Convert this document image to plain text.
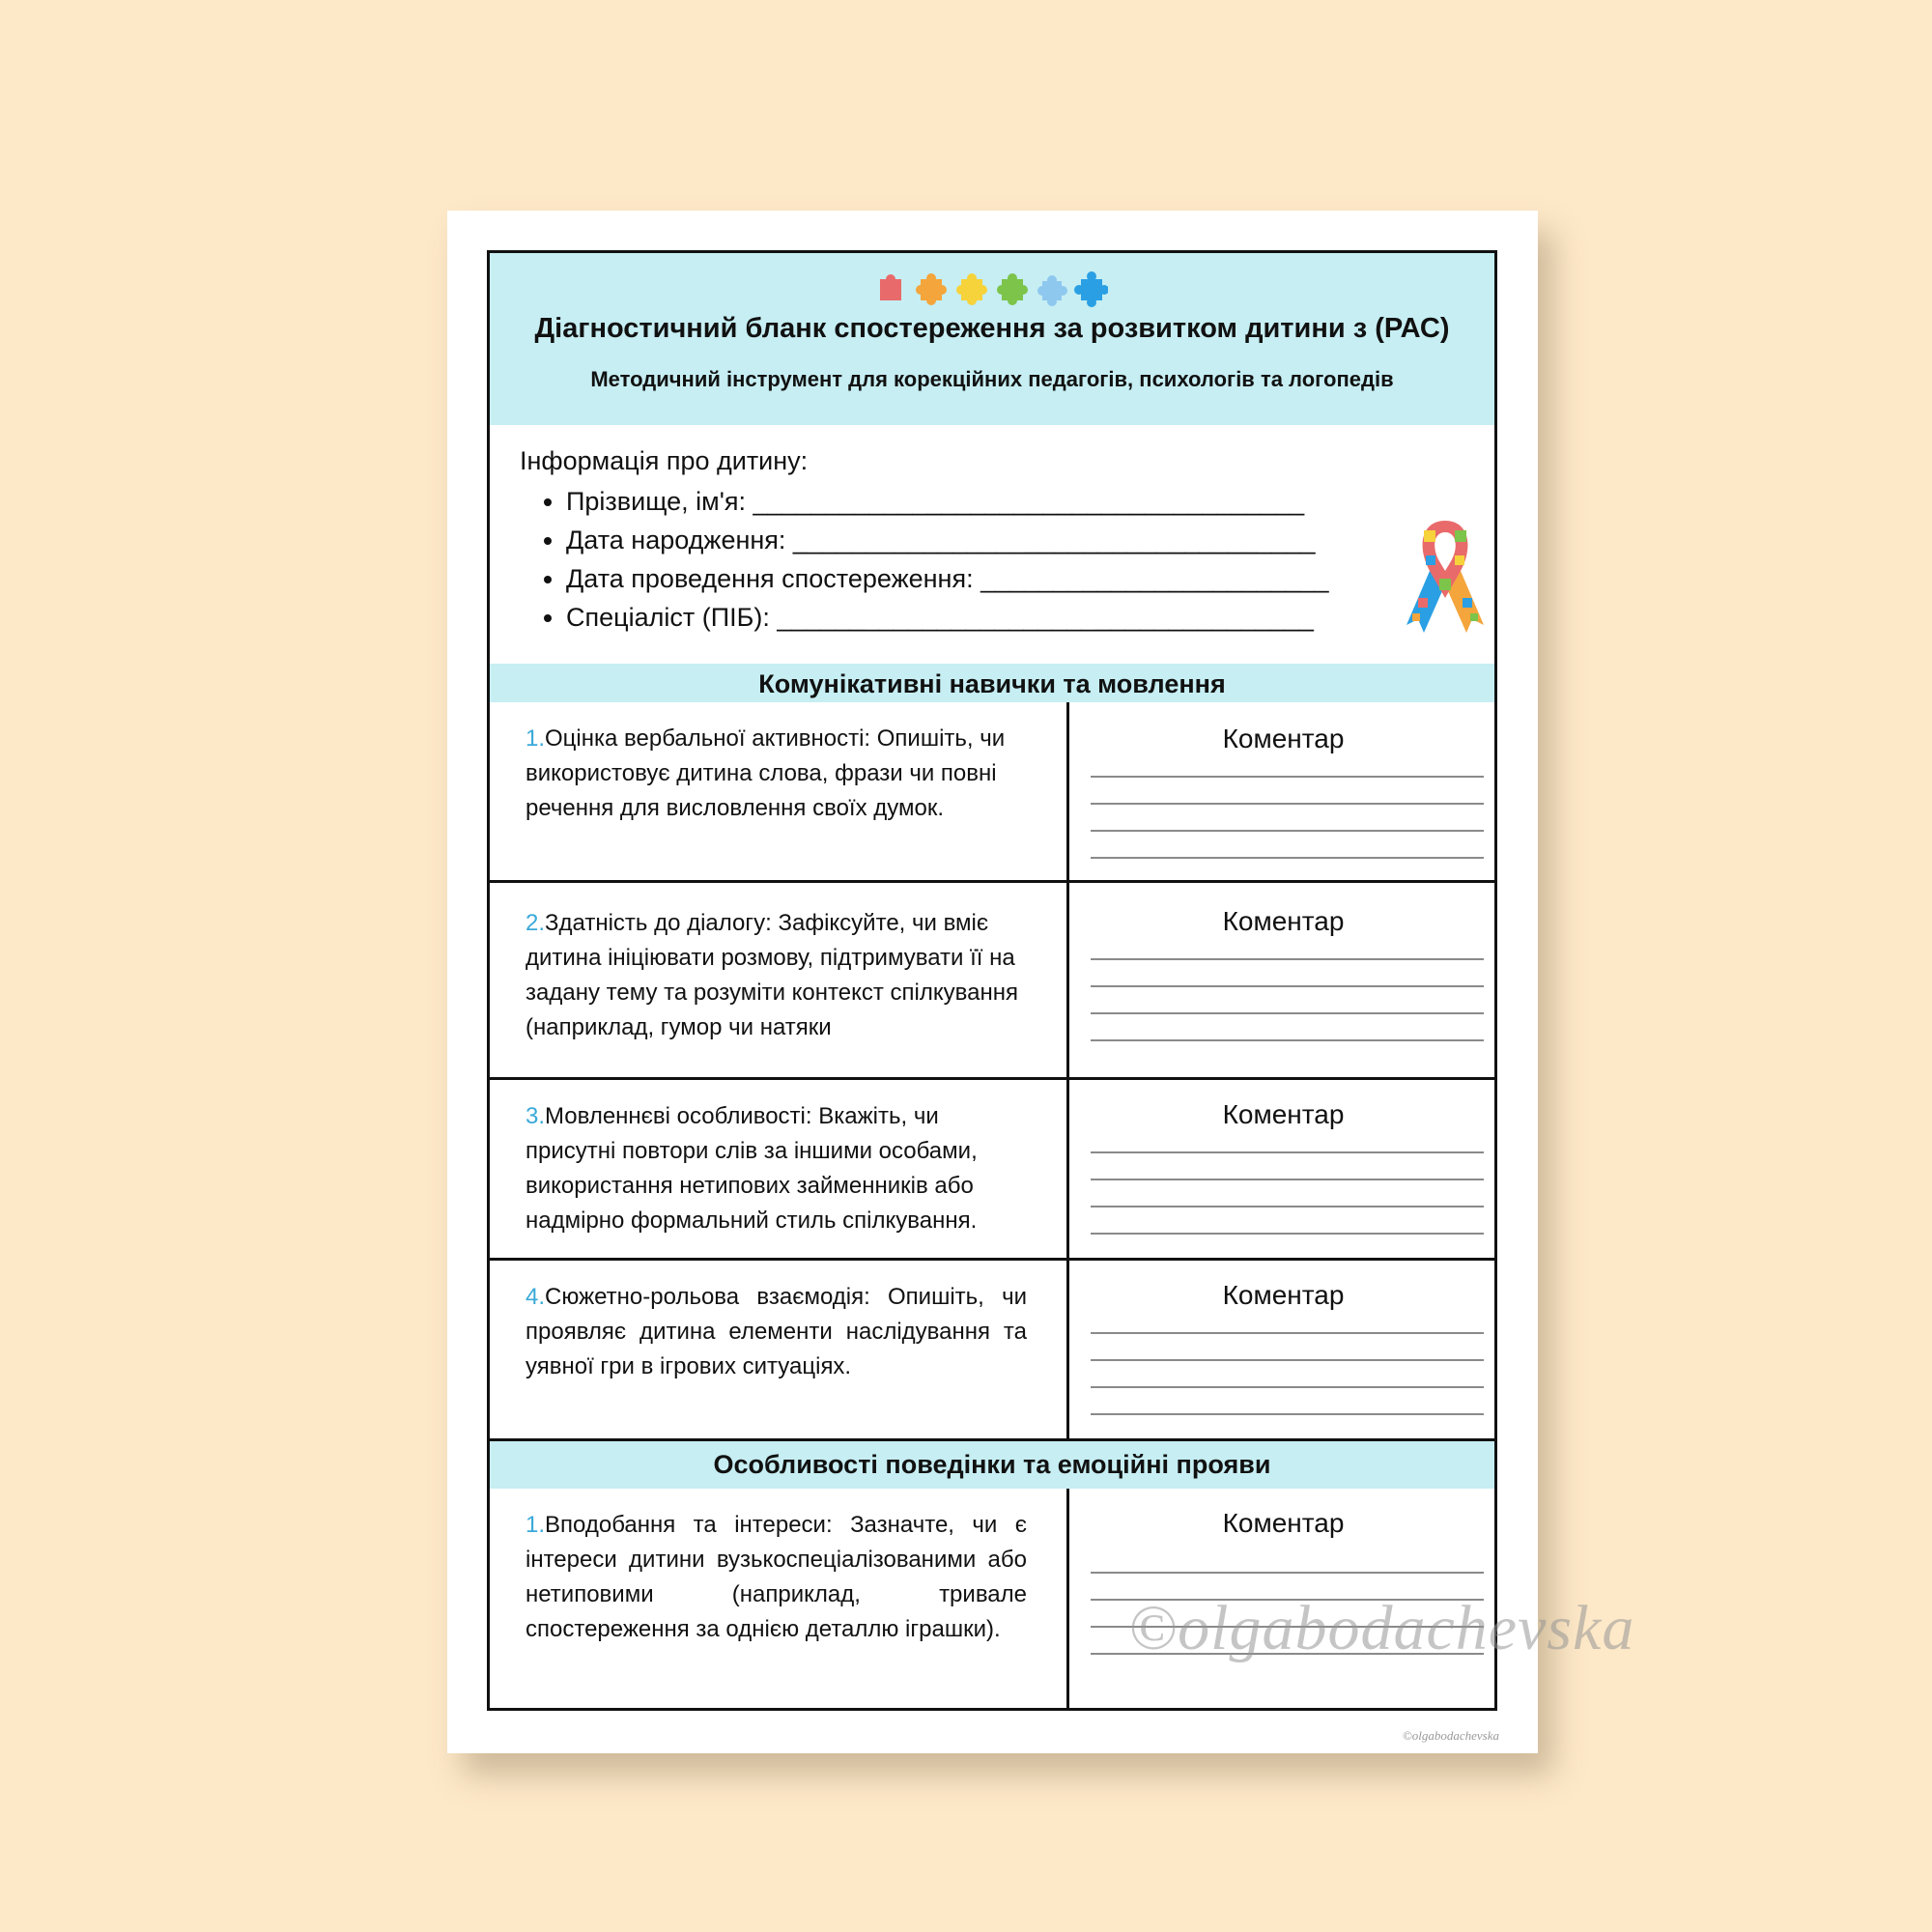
Діагностичний бланк спостереження за розвитком дитини з (РАС)
Методичний інструмент для корекційних педагогів, психологів та логопедів

Інформація про дитину:

• Прізвище, ім'я: ______________________________________
• Дата народження: ____________________________________
• Дата проведення спостереження: ________________________
• Спеціаліст (ПІБ): _____________________________________
Комунікативні навички та мовлення
1.Оцінка вербальної активності: Опишіть, чи використовує дитина слова, фрази чи повні речення для висловлення своїх думок.
Коментар
2.Здатність до діалогу: Зафіксуйте, чи вміє дитина ініціювати розмову, підтримувати її на задану тему та розуміти контекст спілкування (наприклад, гумор чи натяки
Коментар
3.Мовленнєві особливості: Вкажіть, чи присутні повтори слів за іншими особами, використання нетипових займенників або надмірно формальний стиль спілкування.
Коментар
4.Сюжетно-рольова взаємодія: Опишіть, чи проявляє дитина елементи наслідування та уявної гри в ігрових ситуаціях.
Коментар
Особливості поведінки та емоційні прояви
1.Вподобання та інтереси: Зазначте, чи є інтереси дитини вузькоспеціалізованими або нетиповими (наприклад, тривале спостереження за однією деталлю іграшки).
Коментар
©olgabodachevska
©olgabodachevska
